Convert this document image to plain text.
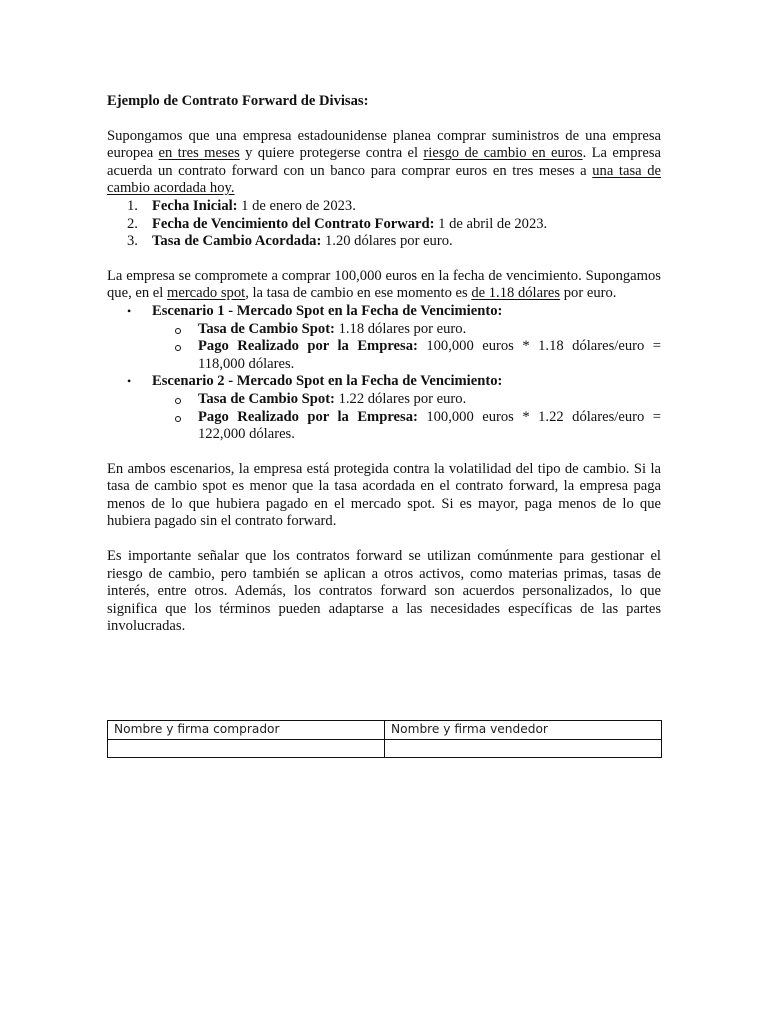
Ejemplo de Contrato Forward de Divisas:

Supongamos que una empresa estadounidense planea comprar suministros de una empresa europea en tres meses y quiere protegerse contra el riesgo de cambio en euros. La empresa acuerda un contrato forward con un banco para comprar euros en tres meses a una tasa de cambio acordada hoy.

1. Fecha Inicial: 1 de enero de 2023.
2. Fecha de Vencimiento del Contrato Forward: 1 de abril de 2023.
3. Tasa de Cambio Acordada: 1.20 dólares por euro.

La empresa se compromete a comprar 100,000 euros en la fecha de vencimiento. Supongamos que, en el mercado spot, la tasa de cambio en ese momento es de 1.18 dólares por euro.

• Escenario 1 - Mercado Spot en la Fecha de Vencimiento:
Tasa de Cambio Spot: 1.18 dólares por euro.
Pago Realizado por la Empresa: 100,000 euros * 1.18 dólares/euro = 118,000 dólares.
• Escenario 2 - Mercado Spot en la Fecha de Vencimiento:
Tasa de Cambio Spot: 1.22 dólares por euro.
Pago Realizado por la Empresa: 100,000 euros * 1.22 dólares/euro = 122,000 dólares.

En ambos escenarios, la empresa está protegida contra la volatilidad del tipo de cambio. Si la tasa de cambio spot es menor que la tasa acordada en el contrato forward, la empresa paga menos de lo que hubiera pagado en el mercado spot. Si es mayor, paga menos de lo que hubiera pagado sin el contrato forward.

Es importante señalar que los contratos forward se utilizan comúnmente para gestionar el riesgo de cambio, pero también se aplican a otros activos, como materias primas, tasas de interés, entre otros. Además, los contratos forward son acuerdos personalizados, lo que significa que los términos pueden adaptarse a las necesidades específicas de las partes involucradas.

Nombre y firma comprador	Nombre y firma vendedor
